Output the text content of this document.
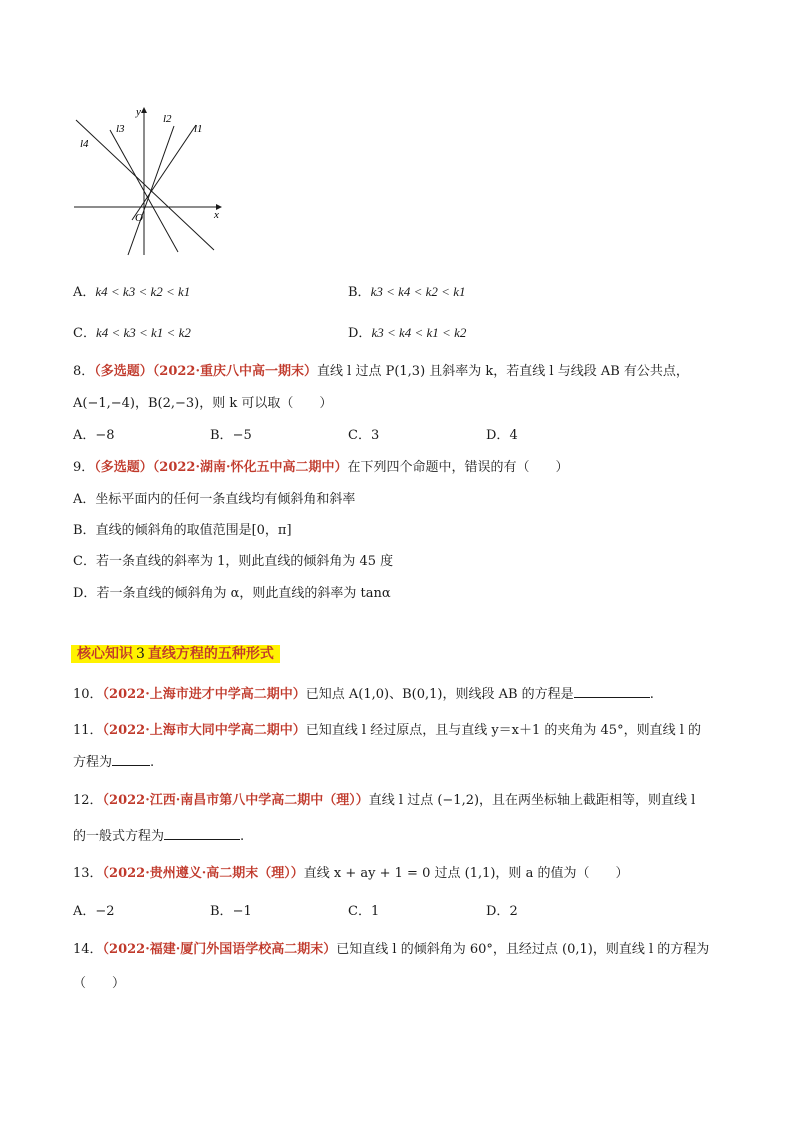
y
x
O
l1
l2
l3
l4
A．k4 < k3 < k2 < k1	B．k3 < k4 < k2 < k1
C．k4 < k3 < k1 < k2	D．k3 < k4 < k1 < k2
8．（多选题）（2022·重庆八中高一期末）直线 l 过点 P(1,3) 且斜率为 k，若直线 l 与线段 AB 有公共点，
A(−1,−4)，B(2,−3)，则 k 可以取（　　）
A．−8	B．−5	C．3	D．4
9．（多选题）（2022·湖南·怀化五中高二期中）在下列四个命题中，错误的有（　　）
A．坐标平面内的任何一条直线均有倾斜角和斜率
B．直线的倾斜角的取值范围是[0，π]
C．若一条直线的斜率为 1，则此直线的倾斜角为 45 度
D．若一条直线的倾斜角为 α，则此直线的斜率为 tanα
核心知识 3 直线方程的五种形式
10．（2022·上海市进才中学高二期中）已知点 A(1,0)、B(0,1)，则线段 AB 的方程是	.
11．（2022·上海市大同中学高二期中）已知直线 l 经过原点，且与直线 y＝x＋1 的夹角为 45°，则直线 l 的
方程为	.
12．（2022·江西·南昌市第八中学高二期中（理））直线 l 过点 (−1,2)，且在两坐标轴上截距相等，则直线 l
的一般式方程为	.
13．（2022·贵州遵义·高二期末（理））直线 x + ay + 1 = 0 过点 (1,1)，则 a 的值为（　　）
A．−2	B．−1	C．1	D．2
14．（2022·福建·厦门外国语学校高二期末）已知直线 l 的倾斜角为 60°，且经过点 (0,1)，则直线 l 的方程为
（　　）
